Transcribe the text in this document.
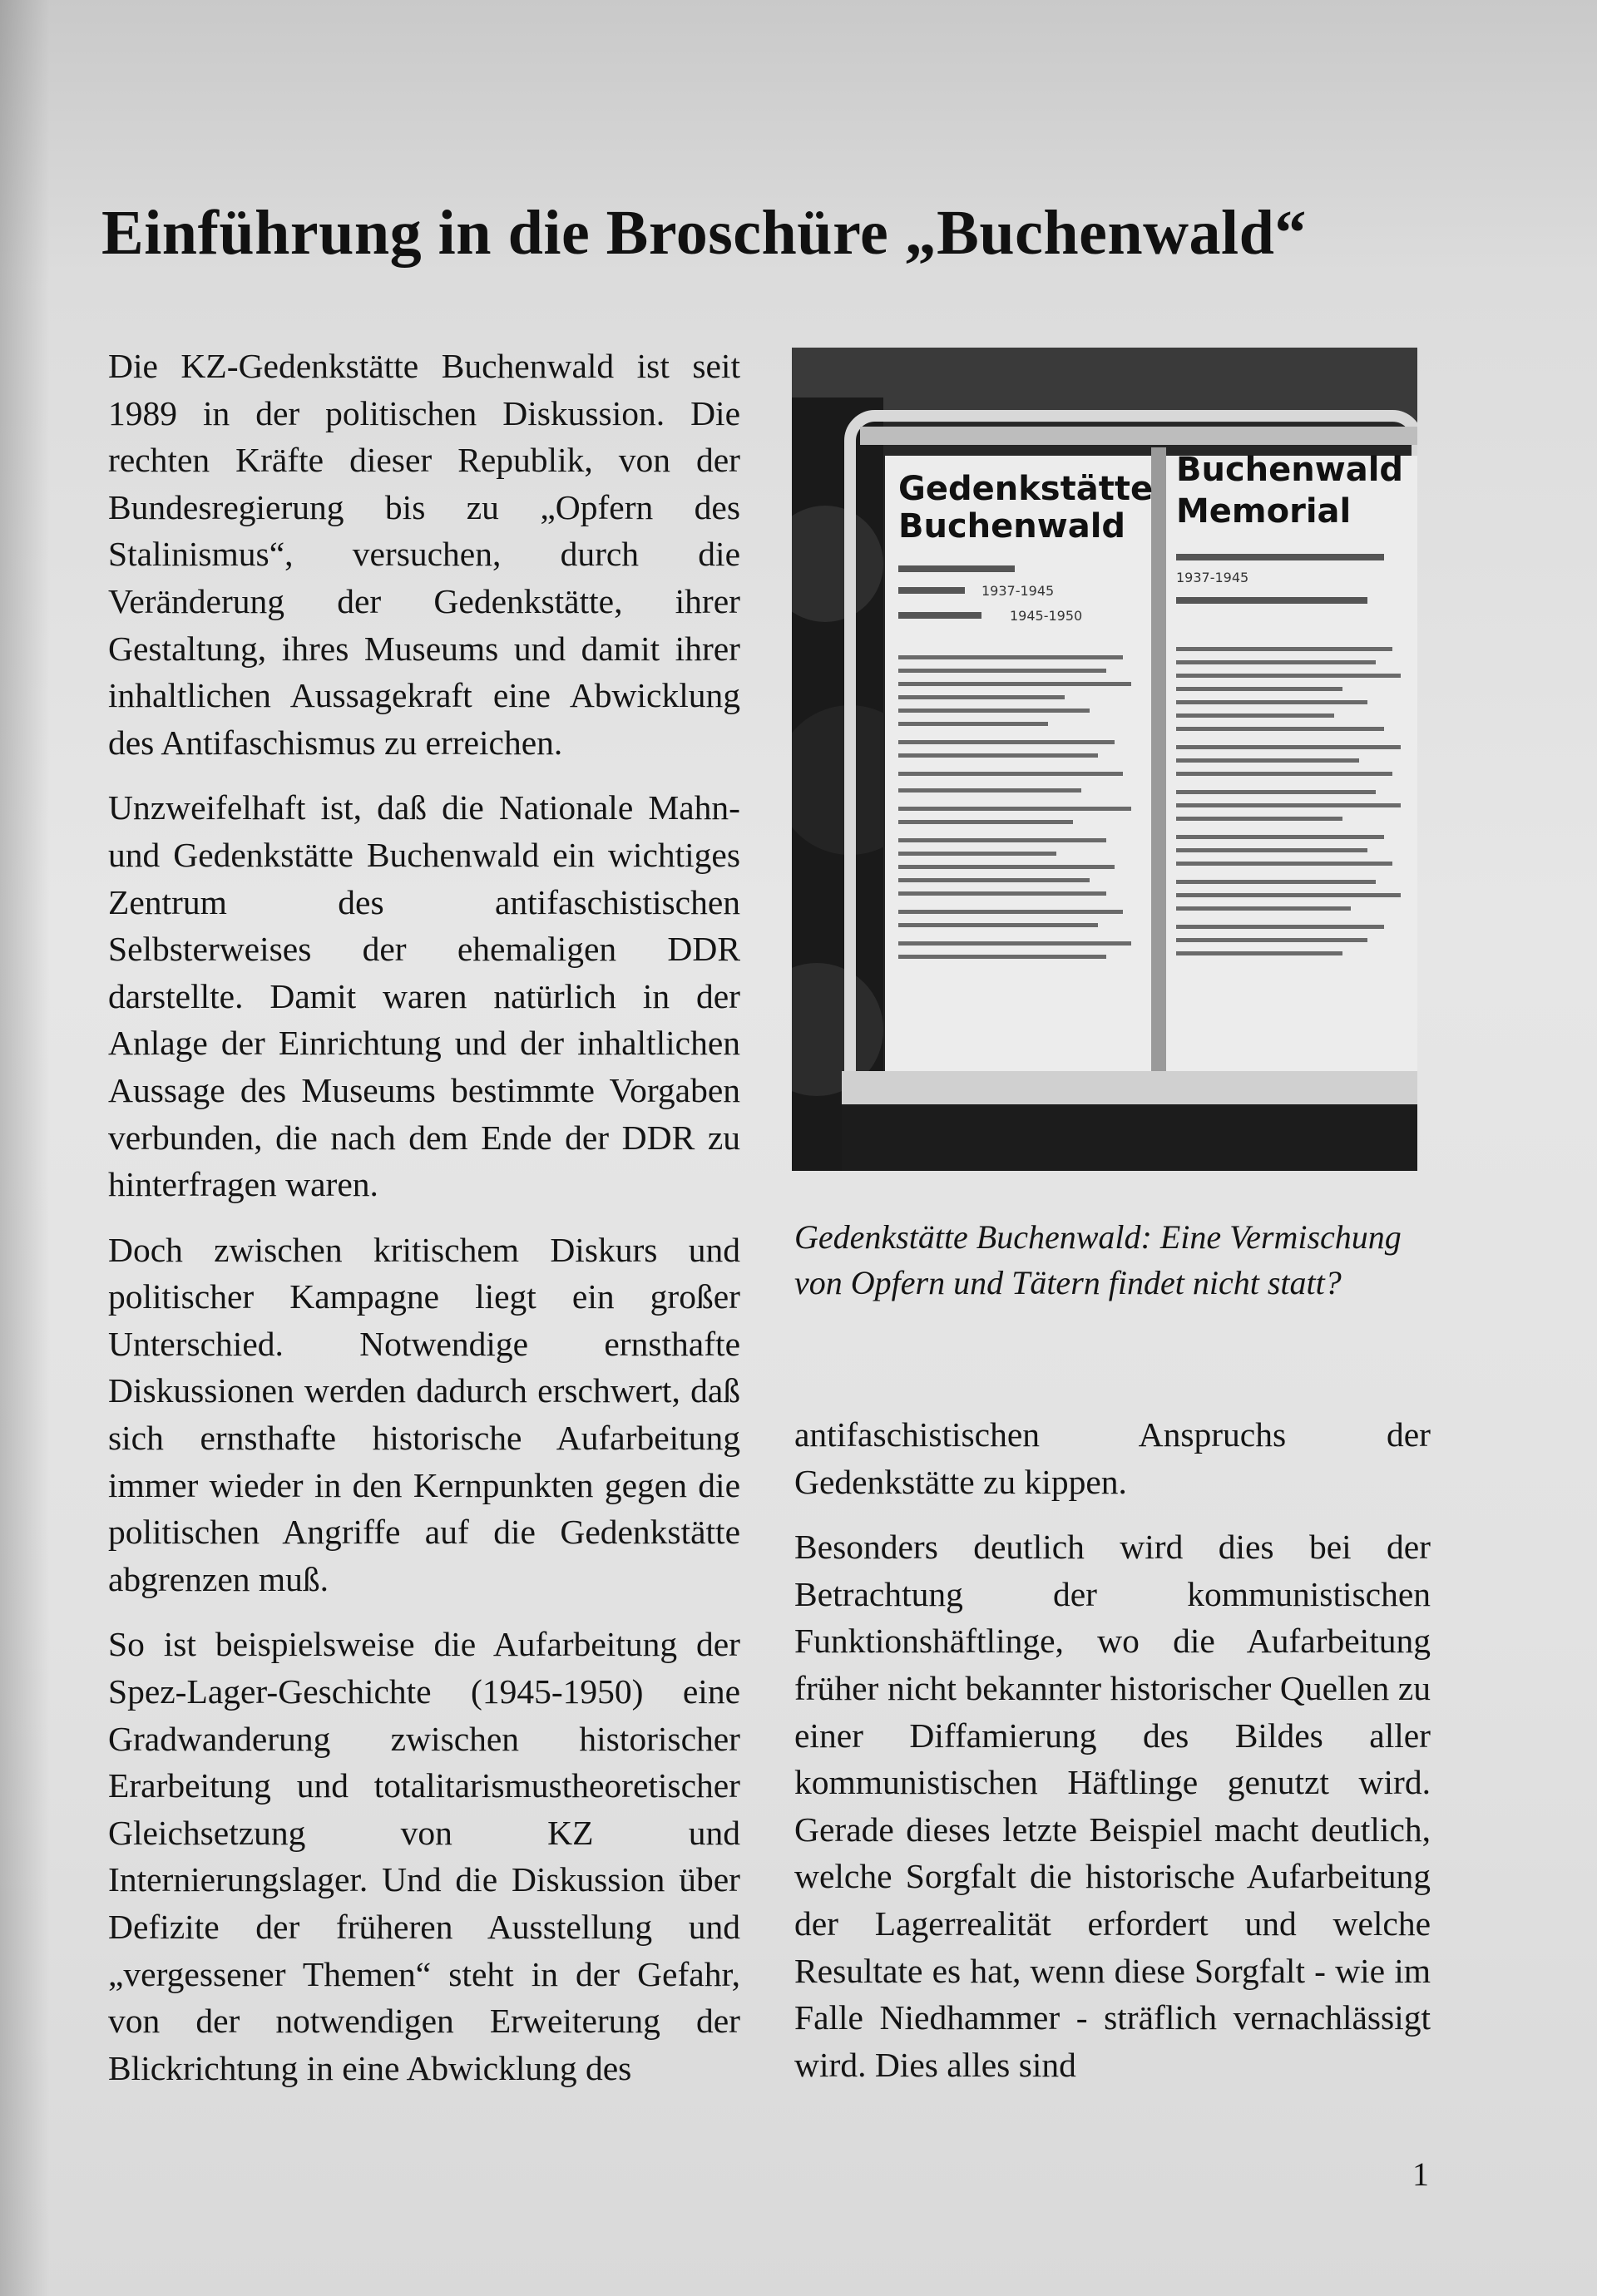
Einführung in die Broschüre „Buchenwald“

Die KZ-Gedenkstätte Buchenwald ist seit 1989 in der politischen Diskussion. Die rechten Kräfte dieser Republik, von der Bundesregierung bis zu „Opfern des Stalinismus“, versuchen, durch die Veränderung der Gedenkstätte, ihrer Gestaltung, ihres Museums und damit ihrer inhaltlichen Aussagekraft eine Abwicklung des Antifaschismus zu erreichen.

Unzweifelhaft ist, daß die Nationale Mahn- und Gedenkstätte Buchenwald ein wichtiges Zentrum des antifaschistischen Selbsterweises der ehemaligen DDR darstellte. Damit waren natürlich in der Anlage der Einrichtung und der inhaltlichen Aussage des Museums bestimmte Vorgaben verbunden, die nach dem Ende der DDR zu hinterfragen waren.

Doch zwischen kritischem Diskurs und politischer Kampagne liegt ein großer Unterschied. Notwendige ernsthafte Diskussionen werden dadurch erschwert, daß sich ernsthafte historische Aufarbeitung immer wieder in den Kernpunkten gegen die politischen Angriffe auf die Gedenkstätte abgrenzen muß.

So ist beispielsweise die Aufarbeitung der Spez-Lager-Geschichte (1945-1950) eine Gradwanderung zwischen historischer Erarbeitung und totalitarismustheoretischer Gleichsetzung von KZ und Internierungslager. Und die Diskussion über Defizite der früheren Ausstellung und „vergessener Themen“ steht in der Gefahr, von der notwendigen Erweiterung der Blickrichtung in eine Abwicklung des

Gedenkstätte
Buchenwald
Buchenwald
Memorial
1937-1945
1945-1950
1937-1945
Gedenkstätte Buchenwald: Eine Vermischung von Opfern und Tätern findet nicht statt?

antifaschistischen Anspruchs der Gedenkstätte zu kippen.

Besonders deutlich wird dies bei der Betrachtung der kommunistischen Funktionshäftlinge, wo die Aufarbeitung früher nicht bekannter historischer Quellen zu einer Diffamierung des Bildes aller kommunistischen Häftlinge genutzt wird. Gerade dieses letzte Beispiel macht deutlich, welche Sorgfalt die historische Aufarbeitung der Lagerrealität erfordert und welche Resultate es hat, wenn diese Sorgfalt - wie im Falle Niedhammer - sträflich vernachlässigt wird. Dies alles sind

1
